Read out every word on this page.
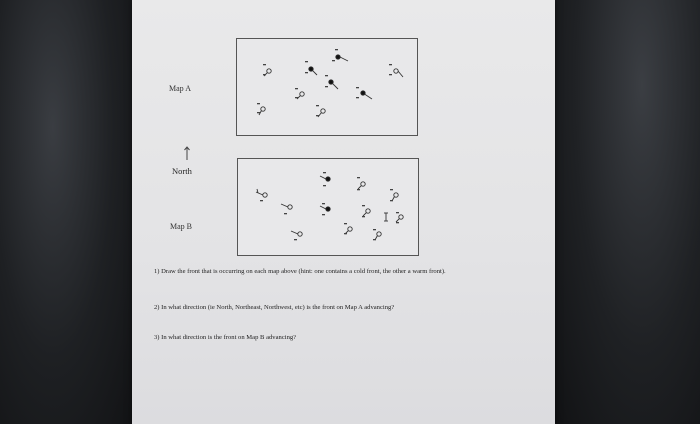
Map A
North
Map B
1) Draw the front that is occurring on each map above (hint: one contains a cold front, the other a warm front).
2) In what direction (ie North, Northeast, Northwest, etc) is the front on Map A advancing?
3) In what direction is the front on Map B advancing?
